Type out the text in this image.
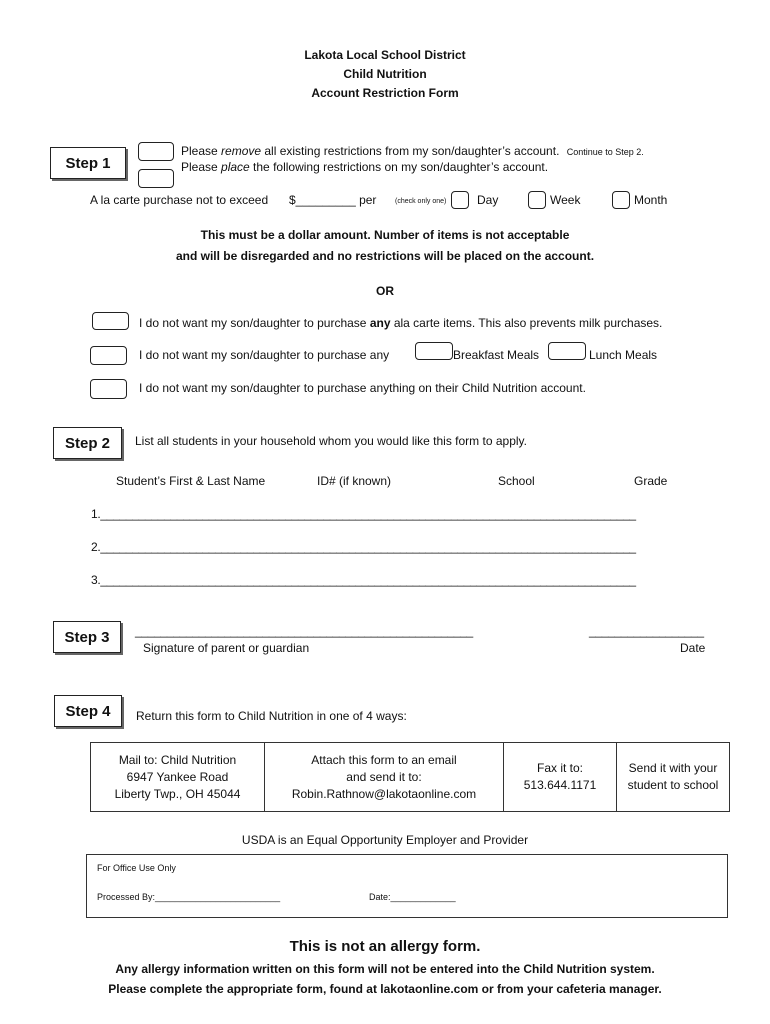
Lakota Local School District
Child Nutrition
Account Restriction Form
Step 1
Please remove all existing restrictions from my son/daughter’s account. Continue to Step 2.
Please place the following restrictions on my son/daughter’s account.
A la carte purchase not to exceed $_________ per	(check only one)	Day	Week	Month
This must be a dollar amount. Number of items is not acceptable
and will be disregarded and no restrictions will be placed on the account.
OR
I do not want my son/daughter to purchase any ala carte items. This also prevents milk purchases.
I do not want my son/daughter to purchase any	Breakfast Meals	Lunch Meals
I do not want my son/daughter to purchase anything on their Child Nutrition account.
Step 2	List all students in your household whom you would like this form to apply.
Student’s First & Last Name	ID# (if known)	School	Grade
1.____________________________________________________________________________________
2.____________________________________________________________________________________
3.____________________________________________________________________________________
Step 3	_____________________________________________________	__________________
Signature of parent or guardian	Date
Step 4	Return this form to Child Nutrition in one of 4 ways:
Mail to: Child Nutrition
6947 Yankee Road
Liberty Twp., OH 45044

Attach this form to an email
and send it to:
Robin.Rathnow@lakotaonline.com

Fax it to:
513.644.1171

Send it with your
student to school
USDA is an Equal Opportunity Employer and Provider
For Office Use Only
Processed By:_________________________	Date:_____________
This is not an allergy form.
Any allergy information written on this form will not be entered into the Child Nutrition system.
Please complete the appropriate form, found at lakotaonline.com or from your cafeteria manager.
